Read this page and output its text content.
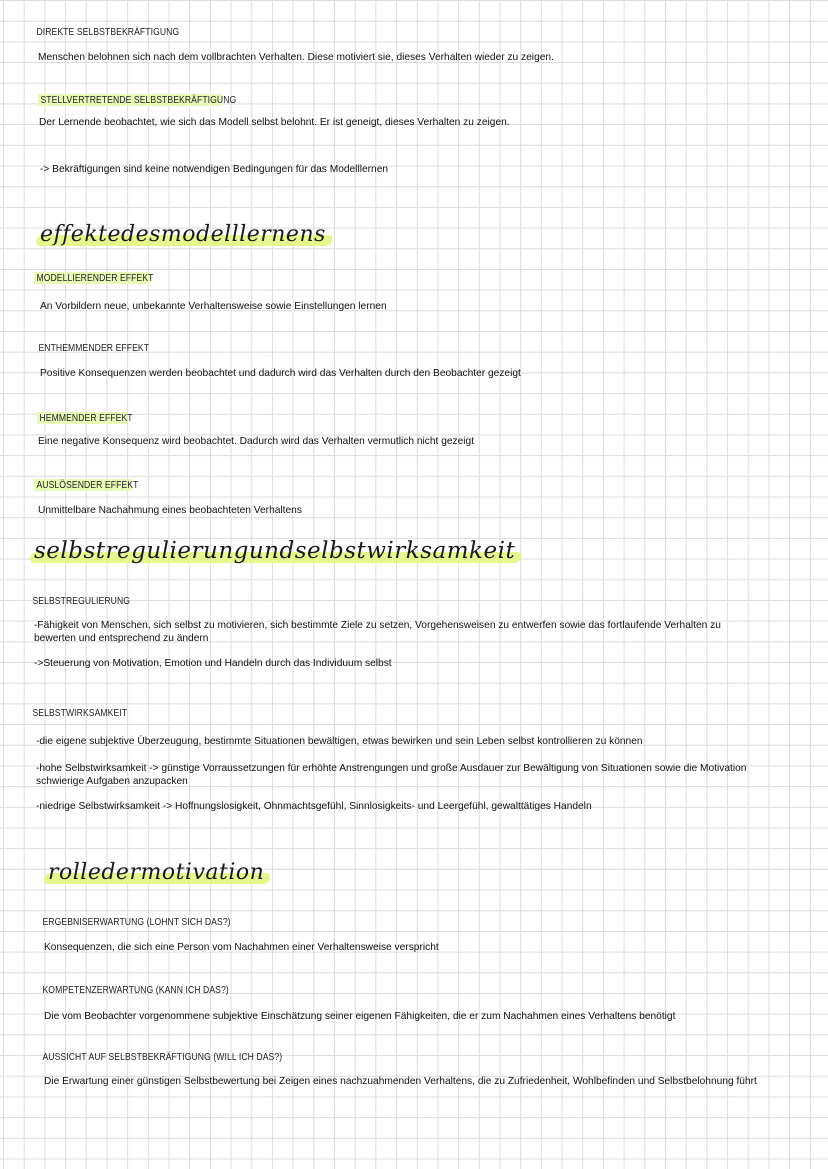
DIREKTE SELBSTBEKRÄFTIGUNG
Menschen belohnen sich nach dem vollbrachten Verhalten. Diese motiviert sie, dieses Verhalten wieder zu zeigen.
STELLVERTRETENDE SELBSTBEKRÄFTIGUNG
Der Lernende beobachtet, wie sich das Modell selbst belohnt. Er ist geneigt, dieses Verhalten zu zeigen.
-> Bekräftigungen sind keine notwendigen Bedingungen für das Modelllernen
effektedesmodelllernens
MODELLIERENDER EFFEKT
An Vorbildern neue, unbekannte Verhaltensweise sowie Einstellungen lernen
ENTHEMMENDER EFFEKT
Positive Konsequenzen werden beobachtet und dadurch wird das Verhalten durch den Beobachter gezeigt
HEMMENDER EFFEKT
Eine negative Konsequenz wird beobachtet. Dadurch wird das Verhalten vermutlich nicht gezeigt
AUSLÖSENDER EFFEKT
Unmittelbare Nachahmung eines beobachteten Verhaltens
selbstregulierungundselbstwirksamkeit
SELBSTREGULIERUNG
-Fähigkeit von Menschen, sich selbst zu motivieren, sich bestimmte Ziele zu setzen, Vorgehensweisen zu entwerfen sowie das fortlaufende Verhalten zu bewerten und entsprechend zu ändern
->Steuerung von Motivation, Emotion und Handeln durch das Individuum selbst
SELBSTWIRKSAMKEIT
-die eigene subjektive Überzeugung, bestimmte Situationen bewältigen, etwas bewirken und sein Leben selbst kontrollieren zu können
-hohe Selbstwirksamkeit -> günstige Vorraussetzungen für erhöhte Anstrengungen und große Ausdauer zur Bewältigung von Situationen sowie die Motivation schwierige Aufgaben anzupacken
-niedrige Selbstwirksamkeit -> Hoffnungslosigkeit, Ohnmachtsgefühl, Sinnlosigkeits- und Leergefühl, gewalttätiges Handeln
rolledermotivation
ERGEBNISERWARTUNG (LOHNT SICH DAS?)
Konsequenzen, die sich eine Person vom Nachahmen einer Verhaltensweise verspricht
KOMPETENZERWARTUNG (KANN ICH DAS?)
Die vom Beobachter vorgenommene subjektive Einschätzung seiner eigenen Fähigkeiten, die er zum Nachahmen eines Verhaltens benötigt
AUSSICHT AUF SELBSTBEKRÄFTIGUNG (WILL ICH DAS?)
Die Erwartung einer günstigen Selbstbewertung bei Zeigen eines nachzuahmenden Verhaltens, die zu Zufriedenheit, Wohlbefinden und Selbstbelohnung führt
